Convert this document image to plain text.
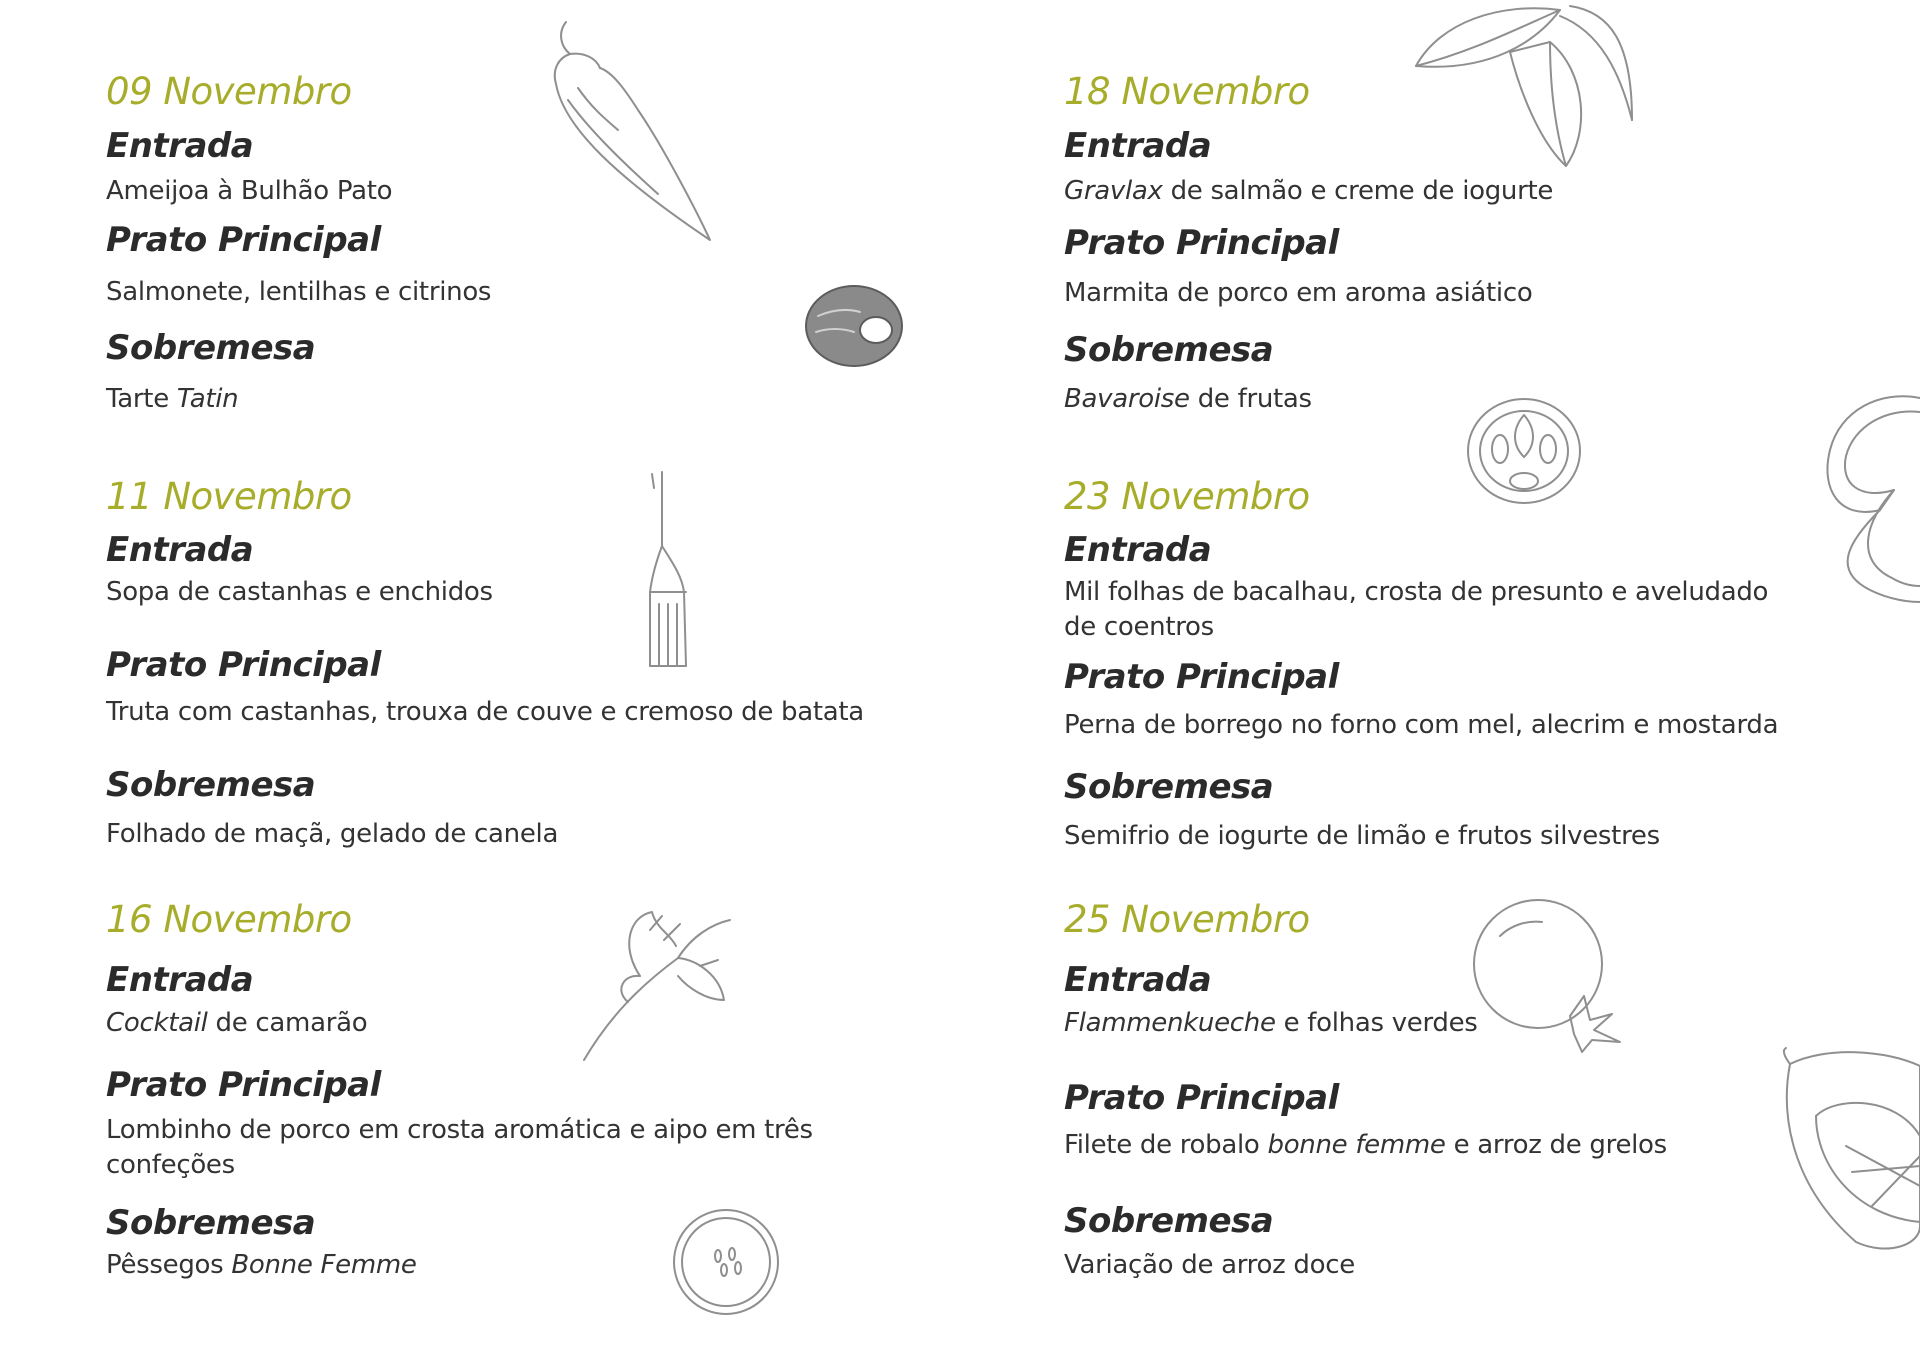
09 Novembro
Entrada

Ameijoa à Bulhão Pato

Prato Principal

Salmonete, lentilhas e citrinos

Sobremesa

Tarte Tatin

11 Novembro
Entrada

Sopa de castanhas e enchidos

Prato Principal

Truta com castanhas, trouxa de couve e cremoso de batata

Sobremesa

Folhado de maçã, gelado de canela

16 Novembro
Entrada

Cocktail de camarão

Prato Principal

Lombinho de porco em crosta aromática e aipo em três confeções

Sobremesa

Pêssegos Bonne Femme

18 Novembro
Entrada

Gravlax de salmão e creme de iogurte

Prato Principal

Marmita de porco em aroma asiático

Sobremesa

Bavaroise de frutas

23 Novembro
Entrada

Mil folhas de bacalhau, crosta de presunto e aveludado de coentros

Prato Principal

Perna de borrego no forno com mel, alecrim e mostarda

Sobremesa

Semifrio de iogurte de limão e frutos silvestres

25 Novembro
Entrada

Flammenkueche e folhas verdes

Prato Principal

Filete de robalo bonne femme e arroz de grelos

Sobremesa

Variação de arroz doce
